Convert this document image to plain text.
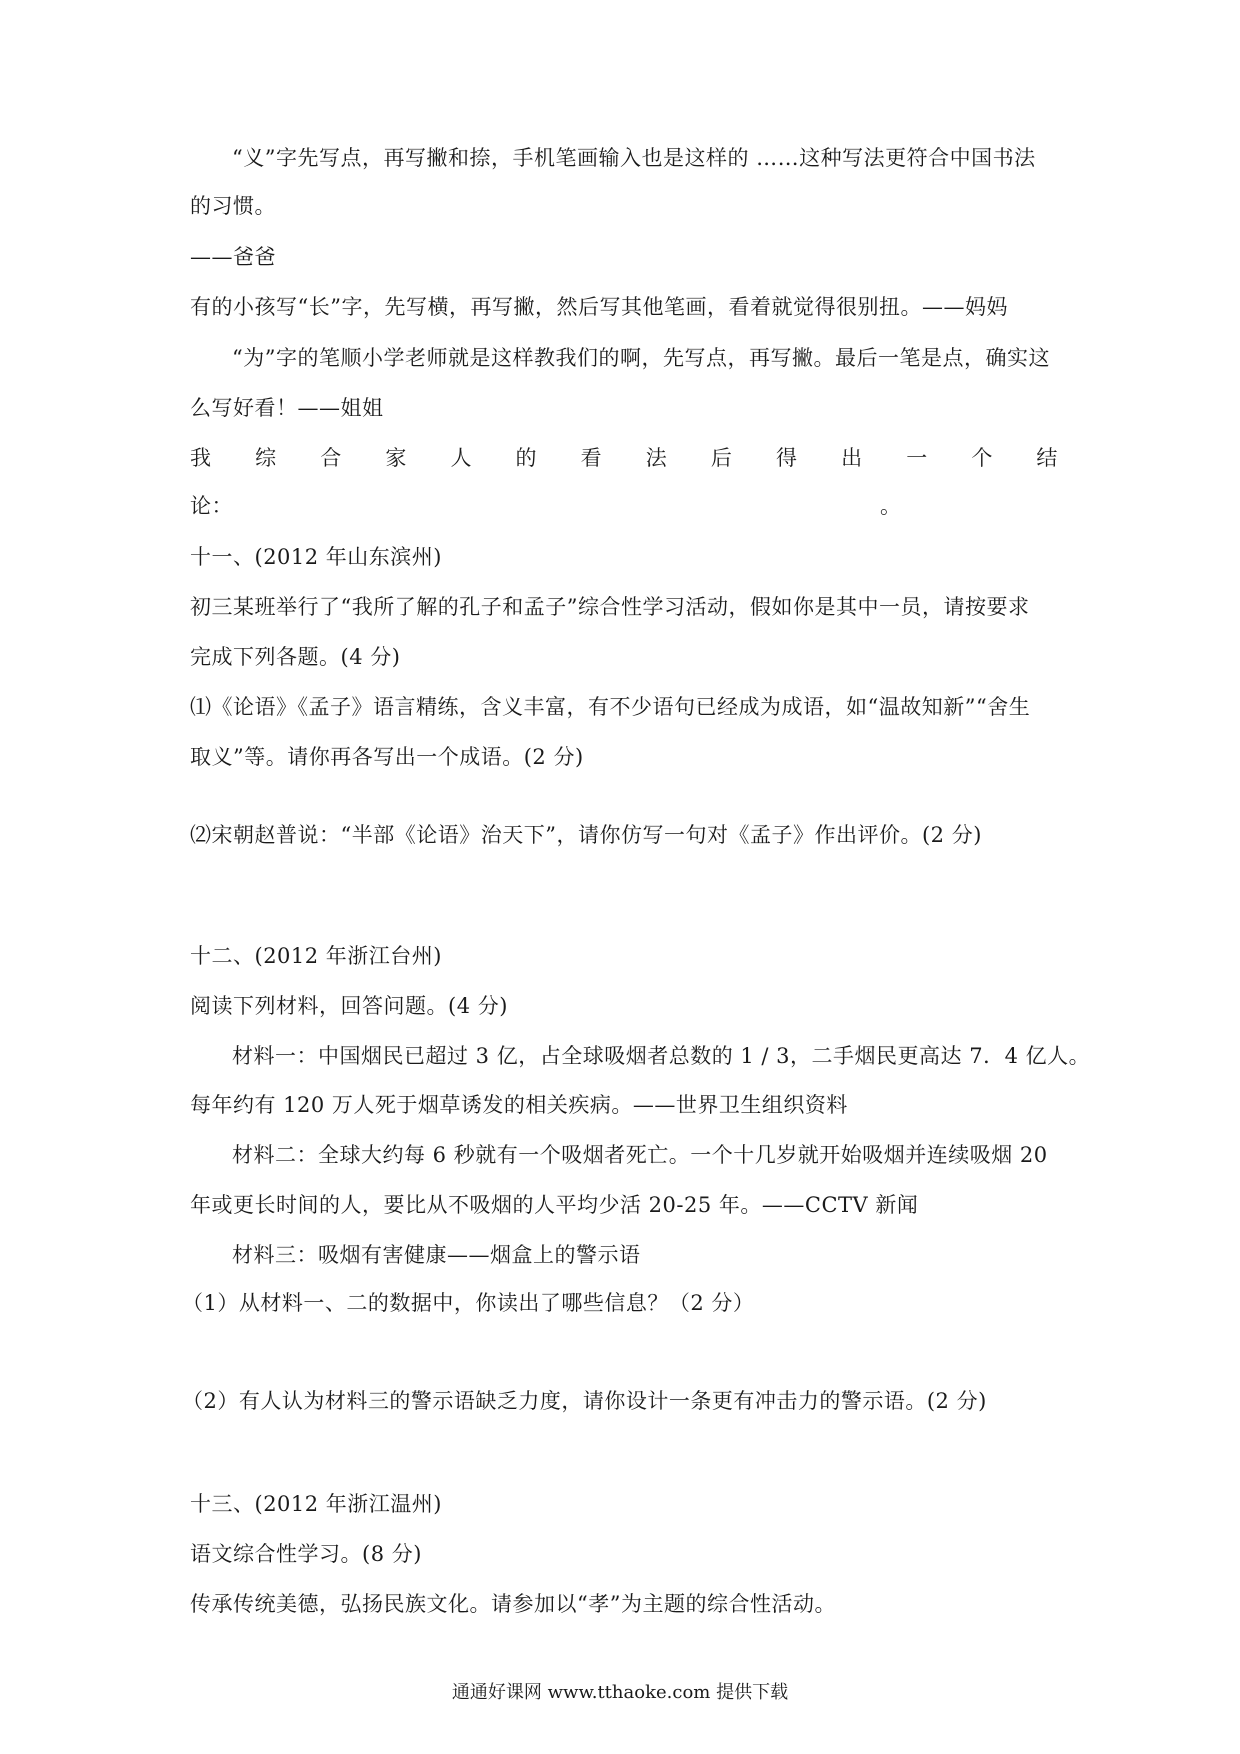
“义”字先写点，再写撇和捺，手机笔画输入也是这样的 ……这种写法更符合中国书法
的习惯。
——爸爸
有的小孩写“长”字，先写横，再写撇，然后写其他笔画，看着就觉得很别扭。——妈妈
“为”字的笔顺小学老师就是这样教我们的啊，先写点，再写撇。最后一笔是点，确实这
么写好看！——姐姐
我 综 合 家 人 的 看 法 后 得 出 一 个 结
论：	。
十一、(2012 年山东滨州)
初三某班举行了“我所了解的孔子和孟子”综合性学习活动，假如你是其中一员，请按要求
完成下列各题。(4 分)
⑴《论语》《孟子》语言精练，含义丰富，有不少语句已经成为成语，如“温故知新”“舍生
取义”等。请你再各写出一个成语。(2 分)
⑵宋朝赵普说：“半部《论语》治天下”，请你仿写一句对《孟子》作出评价。(2 分)
十二、(2012 年浙江台州)
阅读下列材料，回答问题。(4 分)
材料一：中国烟民已超过 3 亿，占全球吸烟者总数的 1 / 3，二手烟民更高达 7．4 亿人。
每年约有 120 万人死于烟草诱发的相关疾病。——世界卫生组织资料
材料二：全球大约每 6 秒就有一个吸烟者死亡。一个十几岁就开始吸烟并连续吸烟 20
年或更长时间的人，要比从不吸烟的人平均少活 20-25 年。——CCTV 新闻
材料三：吸烟有害健康——烟盒上的警示语
（1）从材料一、二的数据中，你读出了哪些信息？（2 分）
（2）有人认为材料三的警示语缺乏力度，请你设计一条更有冲击力的警示语。(2 分)
十三、(2012 年浙江温州)
语文综合性学习。(8 分)
传承传统美德，弘扬民族文化。请参加以“孝”为主题的综合性活动。
通通好课网 www.tthaoke.com 提供下载
